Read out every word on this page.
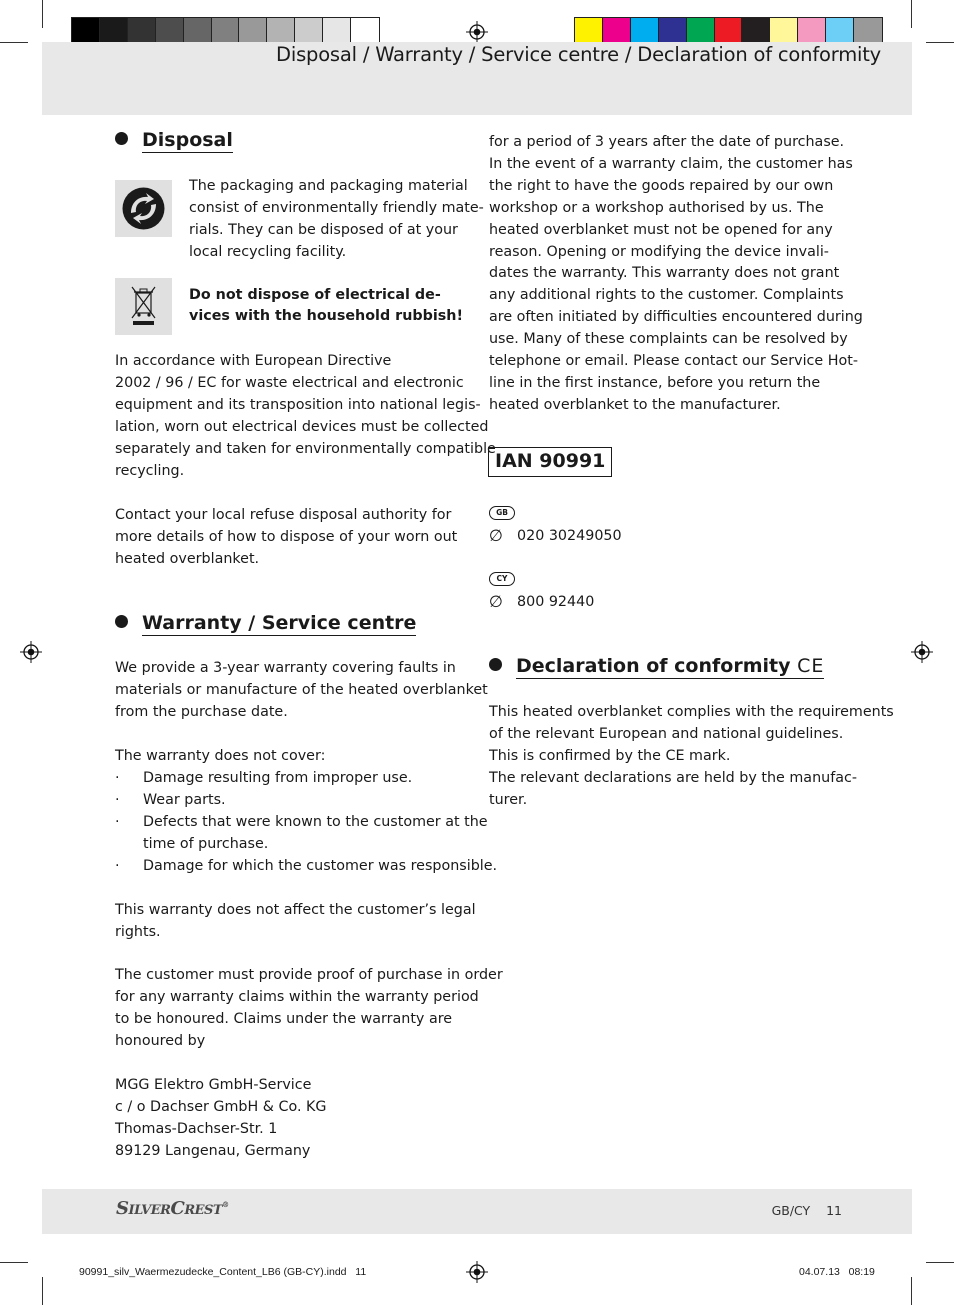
Disposal / Warranty / Service centre / Declaration of conformity
Disposal
The packaging and packaging material
consist of environmentally friendly mate-
rials. They can be disposed of at your
local recycling facility.
Do not dispose of electrical de-
vices with the household rubbish!
In accordance with European Directive
2002 / 96 / EC for waste electrical and electronic
equipment and its transposition into national legis-
lation, worn out electrical devices must be collected
separately and taken for environmentally compatible
recycling.
Contact your local refuse disposal authority for
more details of how to dispose of your worn out
heated overblanket.
Warranty / Service centre
We provide a 3-year warranty covering faults in
materials or manufacture of the heated overblanket
from the purchase date.
The warranty does not cover:
·	Damage resulting from improper use.
·	Wear parts.
·	Defects that were known to the customer at the
time of purchase.
·	Damage for which the customer was responsible.
This warranty does not affect the customer’s legal
rights.
The customer must provide proof of purchase in order
for any warranty claims within the warranty period
to be honoured. Claims under the warranty are
honoured by
MGG Elektro GmbH-Service
c / o Dachser GmbH & Co. KG
Thomas-Dachser-Str. 1
89129 Langenau, Germany
for a period of 3 years after the date of purchase.
In the event of a warranty claim, the customer has
the right to have the goods repaired by our own
workshop or a workshop authorised by us. The
heated overblanket must not be opened for any
reason. Opening or modifying the device invali-
dates the warranty. This warranty does not grant
any additional rights to the customer. Complaints
are often initiated by difficulties encountered during
use. Many of these complaints can be resolved by
telephone or email. Please contact our Service Hot-
line in the first instance, before you return the
heated overblanket to the manufacturer.
IAN 90991
GB
∅ 020 30249050
CY
∅ 800 92440
Declaration of conformity CE
This heated overblanket complies with the requirements
of the relevant European and national guidelines.
This is confirmed by the CE mark.
The relevant declarations are held by the manufac-
turer.
SILVERCREST®	GB/CY    11
90991_silv_Waermezudecke_Content_LB6 (GB-CY).indd   11	04.07.13   08:19
